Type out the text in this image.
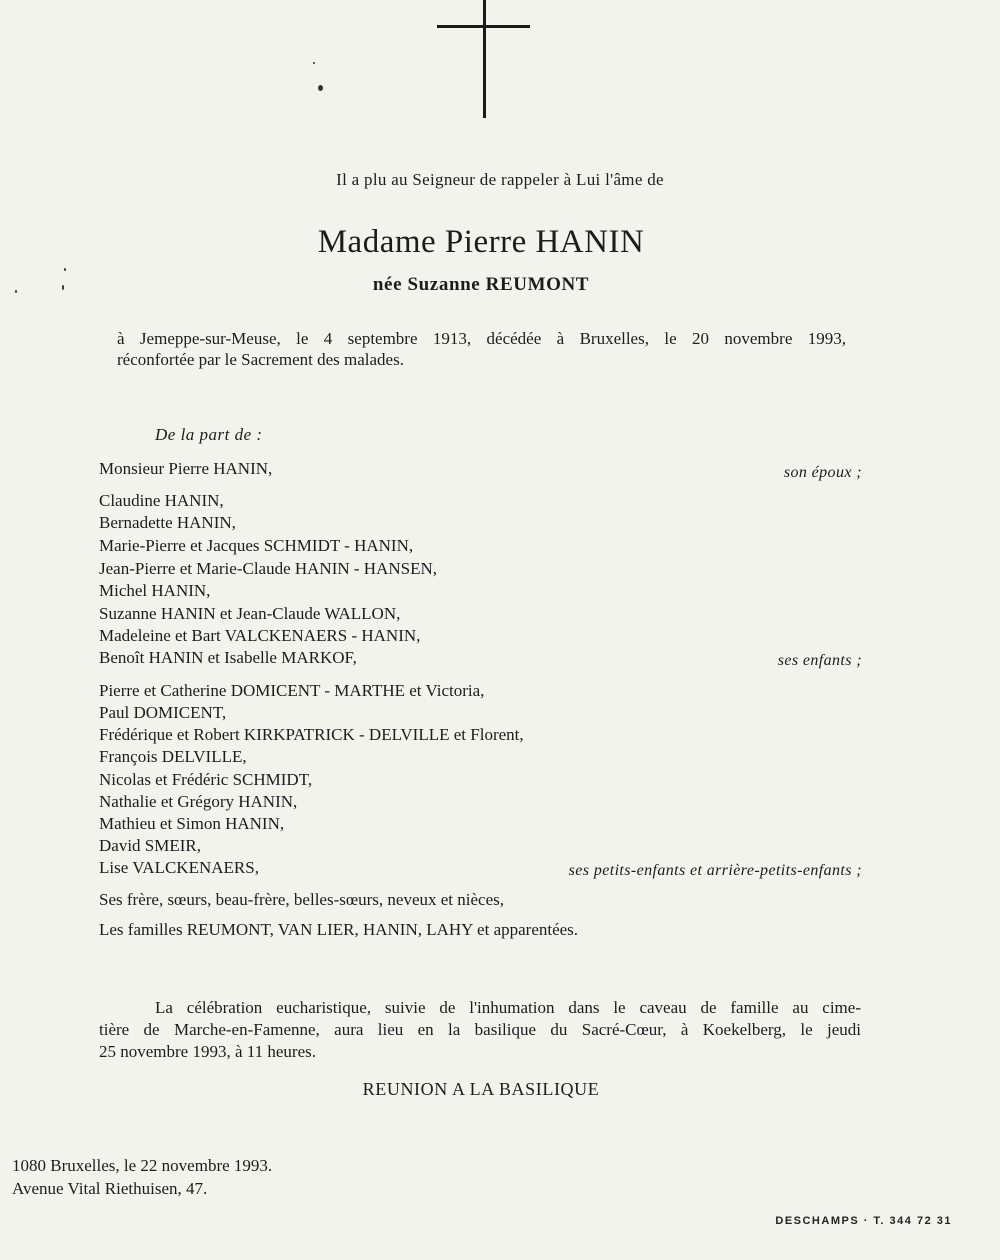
Il a plu au Seigneur de rappeler à Lui l'âme de
Madame Pierre HANIN
née Suzanne REUMONT
à Jemeppe-sur-Meuse, le 4 septembre 1913, décédée à Bruxelles, le 20 novembre 1993,
réconfortée par le Sacrement des malades.
De la part de :
Monsieur Pierre HANIN,	son époux ;
Claudine HANIN,
Bernadette HANIN,
Marie-Pierre et Jacques SCHMIDT - HANIN,
Jean-Pierre et Marie-Claude HANIN - HANSEN,
Michel HANIN,
Suzanne HANIN et Jean-Claude WALLON,
Madeleine et Bart VALCKENAERS - HANIN,
Benoît HANIN et Isabelle MARKOF,	ses enfants ;
Pierre et Catherine DOMICENT - MARTHE et Victoria,
Paul DOMICENT,
Frédérique et Robert KIRKPATRICK - DELVILLE et Florent,
François DELVILLE,
Nicolas et Frédéric SCHMIDT,
Nathalie et Grégory HANIN,
Mathieu et Simon HANIN,
David SMEIR,
Lise VALCKENAERS,	ses petits-enfants et arrière-petits-enfants ;
Ses frère, sœurs, beau-frère, belles-sœurs, neveux et nièces,
Les familles REUMONT, VAN LIER, HANIN, LAHY et apparentées.
La célébration eucharistique, suivie de l'inhumation dans le caveau de famille au cime-
tière de Marche-en-Famenne, aura lieu en la basilique du Sacré-Cœur, à Koekelberg, le jeudi
25 novembre 1993, à 11 heures.
REUNION A LA BASILIQUE
1080 Bruxelles, le 22 novembre 1993.
Avenue Vital Riethuisen, 47.
DESCHAMPS · T. 344 72 31
